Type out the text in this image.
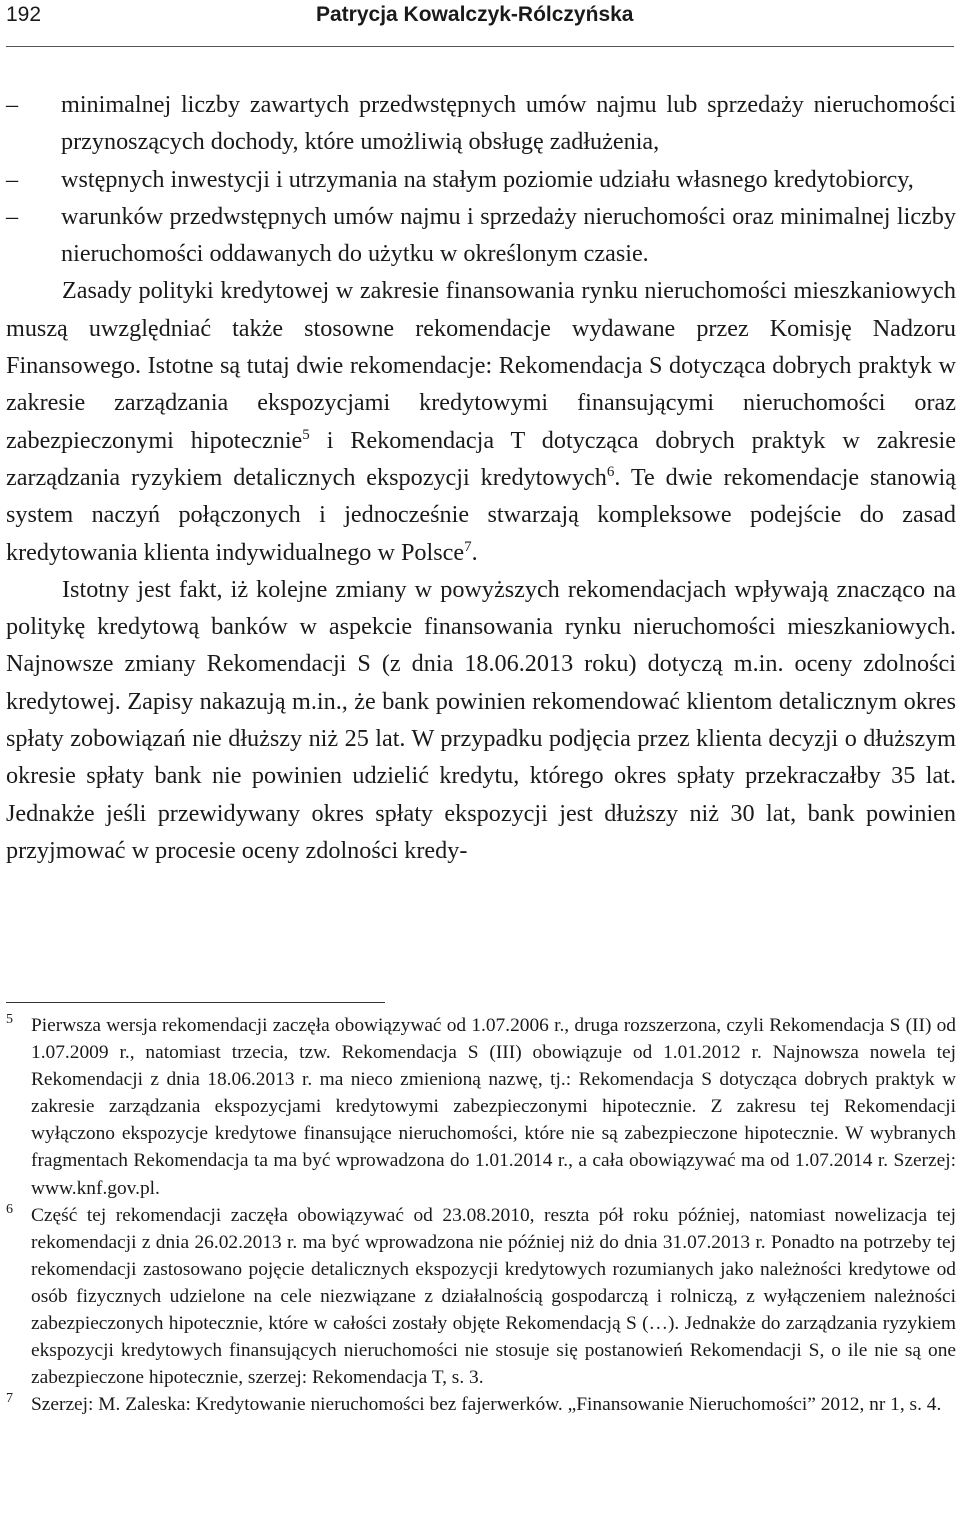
192	Patrycja Kowalczyk-Rólczyńska
– minimalnej liczby zawartych przedwstępnych umów najmu lub sprzedaży nieruchomości przynoszących dochody, które umożliwią obsługę zadłużenia,
– wstępnych inwestycji i utrzymania na stałym poziomie udziału własnego kredytobiorcy,
– warunków przedwstępnych umów najmu i sprzedaży nieruchomości oraz minimalnej liczby nieruchomości oddawanych do użytku w określonym czasie.

Zasady polityki kredytowej w zakresie finansowania rynku nieruchomości mieszkaniowych muszą uwzględniać także stosowne rekomendacje wydawane przez Komisję Nadzoru Finansowego. Istotne są tutaj dwie rekomendacje: Rekomendacja S dotycząca dobrych praktyk w zakresie zarządzania ekspozycjami kredytowymi finansującymi nieruchomości oraz zabezpieczonymi hipotecznie$^5$ i Rekomendacja T dotycząca dobrych praktyk w zakresie zarządzania ryzykiem detalicznych ekspozycji kredytowych$^6$. Te dwie rekomendacje stanowią system naczyń połączonych i jednocześnie stwarzają kompleksowe podejście do zasad kredytowania klienta indywidualnego w Polsce$^7$.

Istotny jest fakt, iż kolejne zmiany w powyższych rekomendacjach wpływają znacząco na politykę kredytową banków w aspekcie finansowania rynku nieruchomości mieszkaniowych. Najnowsze zmiany Rekomendacji S (z dnia 18.06.2013 roku) dotyczą m.in. oceny zdolności kredytowej. Zapisy nakazują m.in., że bank powinien rekomendować klientom detalicznym okres spłaty zobowiązań nie dłuższy niż 25 lat. W przypadku podjęcia przez klienta decyzji o dłuższym okresie spłaty bank nie powinien udzielić kredytu, którego okres spłaty przekraczałby 35 lat. Jednakże jeśli przewidywany okres spłaty ekspozycji jest dłuższy niż 30 lat, bank powinien przyjmować w procesie oceny zdolności kredy-

5 Pierwsza wersja rekomendacji zaczęła obowiązywać od 1.07.2006 r., druga rozszerzona, czyli Rekomendacja S (II) od 1.07.2009 r., natomiast trzecia, tzw. Rekomendacja S (III) obowiązuje od 1.01.2012 r. Najnowsza nowela tej Rekomendacji z dnia 18.06.2013 r. ma nieco zmienioną nazwę, tj.: Rekomendacja S dotycząca dobrych praktyk w zakresie zarządzania ekspozycjami kredytowymi zabezpieczonymi hipotecznie. Z zakresu tej Rekomendacji wyłączono ekspozycje kredytowe finansujące nieruchomości, które nie są zabezpieczone hipotecznie. W wybranych fragmentach Rekomendacja ta ma być wprowadzona do 1.01.2014 r., a cała obowiązywać ma od 1.07.2014 r. Szerzej: www.knf.gov.pl.

6 Część tej rekomendacji zaczęła obowiązywać od 23.08.2010, reszta pół roku później, natomiast nowelizacja tej rekomendacji z dnia 26.02.2013 r. ma być wprowadzona nie później niż do dnia 31.07.2013 r. Ponadto na potrzeby tej rekomendacji zastosowano pojęcie detalicznych ekspozycji kredytowych rozumianych jako należności kredytowe od osób fizycznych udzielone na cele niezwiązane z działalnością gospodarczą i rolniczą, z wyłączeniem należności zabezpieczonych hipotecznie, które w całości zostały objęte Rekomendacją S (…). Jednakże do zarządzania ryzykiem ekspozycji kredytowych finansujących nieruchomości nie stosuje się postanowień Rekomendacji S, o ile nie są one zabezpieczone hipotecznie, szerzej: Rekomendacja T, s. 3.

7 Szerzej: M. Zaleska: Kredytowanie nieruchomości bez fajerwerków. „Finansowanie Nieruchomości” 2012, nr 1, s. 4.
